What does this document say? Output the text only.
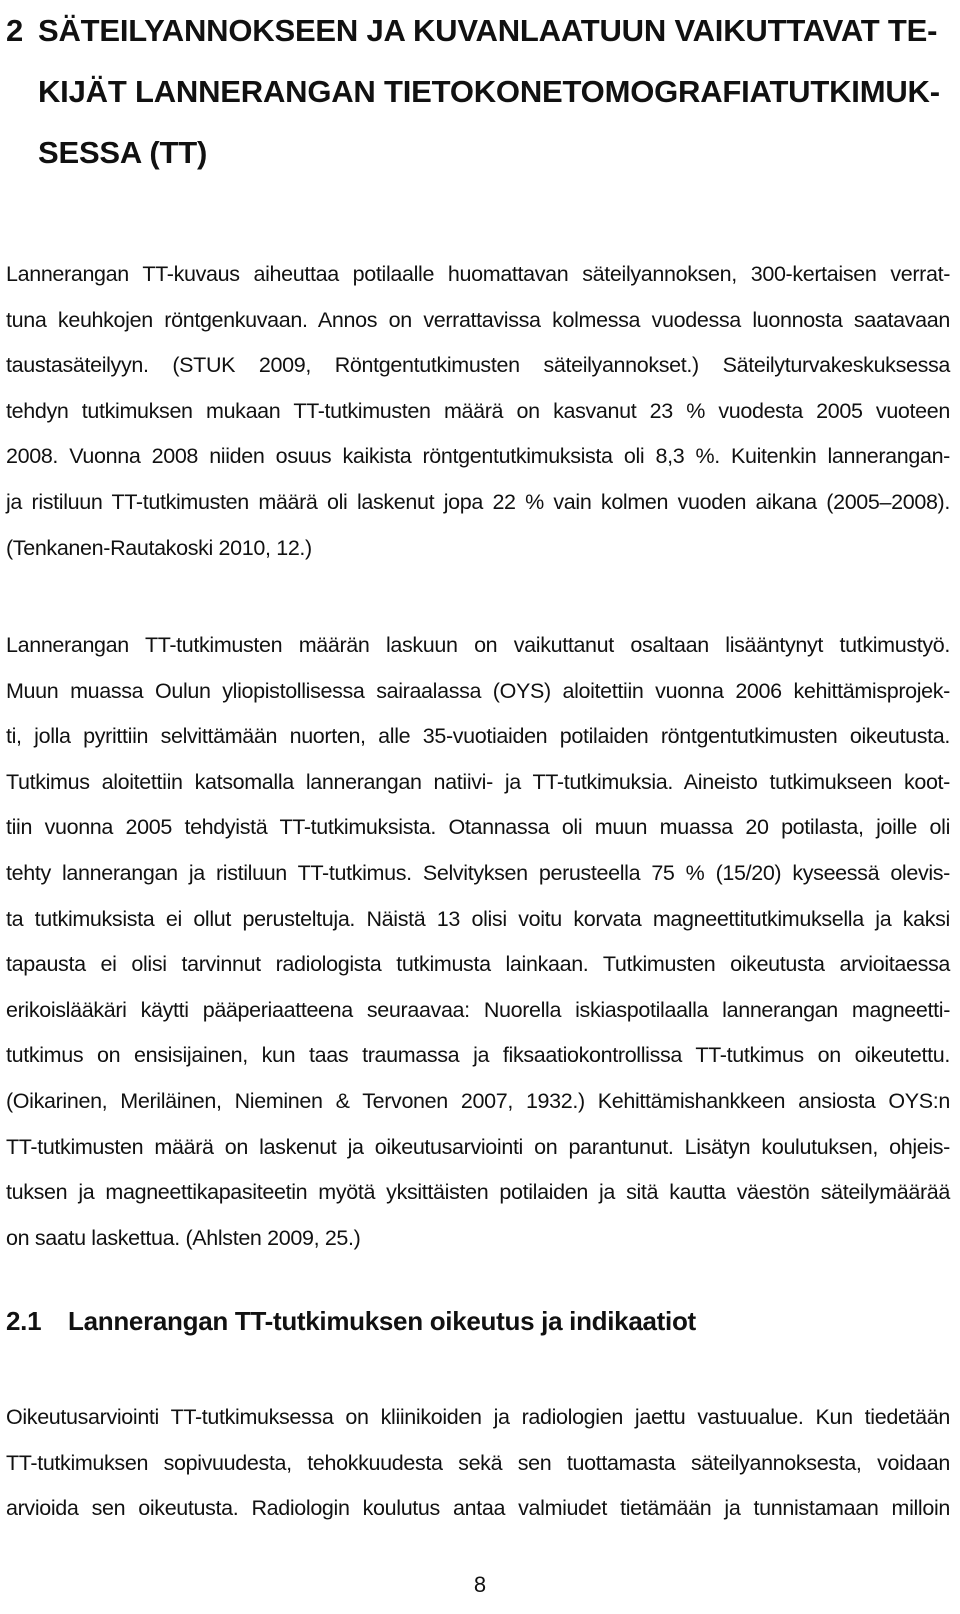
2 SÄTEILYANNOKSEEN JA KUVANLAATUUN VAIKUTTAVAT TE-
KIJÄT LANNERANGAN TIETOKONETOMOGRAFIATUTKIMUK-
SESSA (TT)
Lannerangan TT-kuvaus aiheuttaa potilaalle huomattavan säteilyannoksen, 300-kertaisen verrat-
tuna keuhkojen röntgenkuvaan. Annos on verrattavissa kolmessa vuodessa luonnosta saatavaan
taustasäteilyyn. (STUK 2009, Röntgentutkimusten säteilyannokset.) Säteilyturvakeskuksessa
tehdyn tutkimuksen mukaan TT-tutkimusten määrä on kasvanut 23 % vuodesta 2005 vuoteen
2008. Vuonna 2008 niiden osuus kaikista röntgentutkimuksista oli 8,3 %. Kuitenkin lannerangan-
ja ristiluun TT-tutkimusten määrä oli laskenut jopa 22 % vain kolmen vuoden aikana (2005–2008).
(Tenkanen-Rautakoski 2010, 12.)
Lannerangan TT-tutkimusten määrän laskuun on vaikuttanut osaltaan lisääntynyt tutkimustyö.
Muun muassa Oulun yliopistollisessa sairaalassa (OYS) aloitettiin vuonna 2006 kehittämisprojek-
ti, jolla pyrittiin selvittämään nuorten, alle 35-vuotiaiden potilaiden röntgentutkimusten oikeutusta.
Tutkimus aloitettiin katsomalla lannerangan natiivi- ja TT-tutkimuksia. Aineisto tutkimukseen koot-
tiin vuonna 2005 tehdyistä TT-tutkimuksista. Otannassa oli muun muassa 20 potilasta, joille oli
tehty lannerangan ja ristiluun TT-tutkimus. Selvityksen perusteella 75 % (15/20) kyseessä olevis-
ta tutkimuksista ei ollut perusteltuja. Näistä 13 olisi voitu korvata magneettitutkimuksella ja kaksi
tapausta ei olisi tarvinnut radiologista tutkimusta lainkaan. Tutkimusten oikeutusta arvioitaessa
erikoislääkäri käytti pääperiaatteena seuraavaa: Nuorella iskiaspotilaalla lannerangan magneetti-
tutkimus on ensisijainen, kun taas traumassa ja fiksaatiokontrollissa TT-tutkimus on oikeutettu.
(Oikarinen, Meriläinen, Nieminen & Tervonen 2007, 1932.) Kehittämishankkeen ansiosta OYS:n
TT-tutkimusten määrä on laskenut ja oikeutusarviointi on parantunut. Lisätyn koulutuksen, ohjeis-
tuksen ja magneettikapasiteetin myötä yksittäisten potilaiden ja sitä kautta väestön säteilymäärää
on saatu laskettua. (Ahlsten 2009, 25.)
2.1 Lannerangan TT-tutkimuksen oikeutus ja indikaatiot
Oikeutusarviointi TT-tutkimuksessa on kliinikoiden ja radiologien jaettu vastuualue. Kun tiedetään
TT-tutkimuksen sopivuudesta, tehokkuudesta sekä sen tuottamasta säteilyannoksesta, voidaan
arvioida sen oikeutusta. Radiologin koulutus antaa valmiudet tietämään ja tunnistamaan milloin
8
